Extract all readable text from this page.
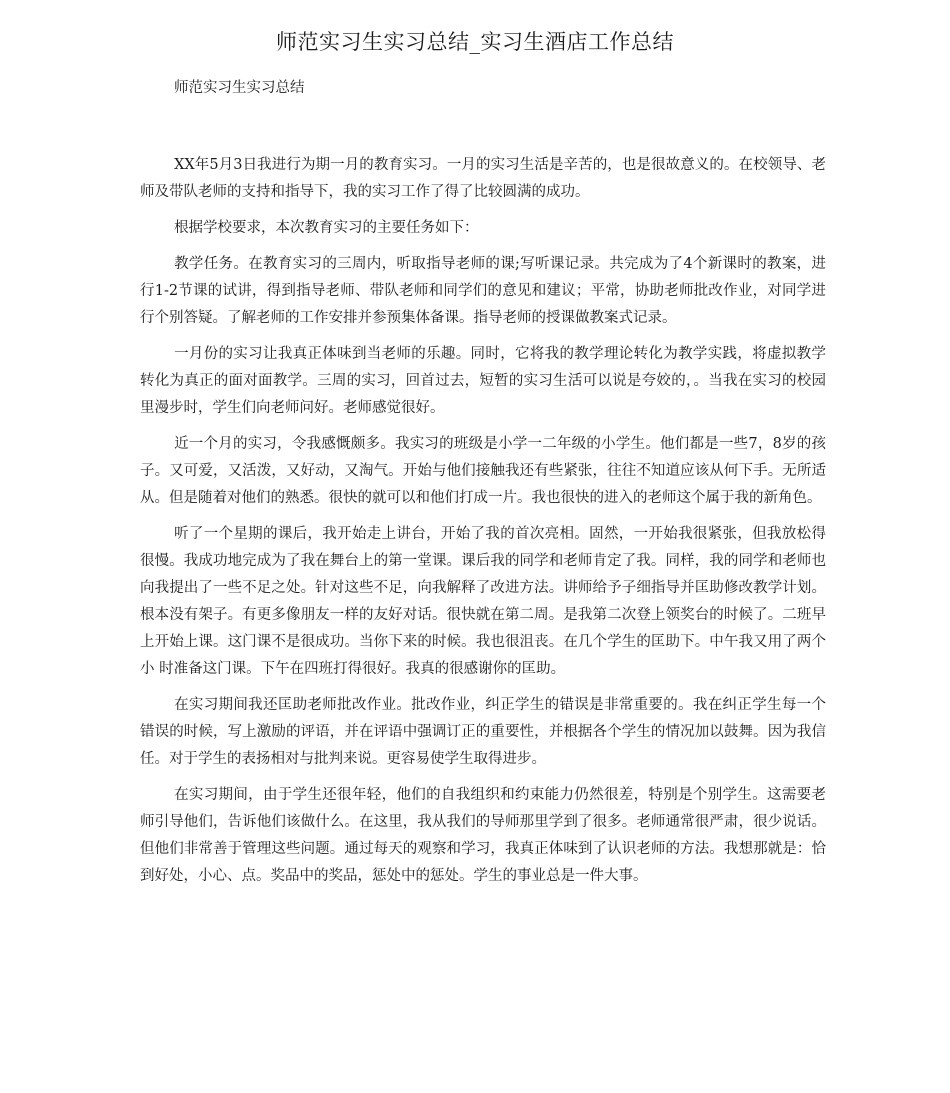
师范实习生实习总结_实习生酒店工作总结

师范实习生实习总结

XX年5月3日我进行为期一月的教育实习。一月的实习生活是辛苦的，也是很故意义的。在校领导、老师及带队老师的支持和指导下，我的实习工作了得了比较圆满的成功。

根据学校要求，本次教育实习的主要任务如下：

教学任务。在教育实习的三周内，听取指导老师的课;写听课记录。共完成为了4个新课时的教案，进行1-2节课的试讲，得到指导老师、带队老师和同学们的意见和建议；平常，协助老师批改作业，对同学进行个别答疑。了解老师的工作安排并参预集体备课。指导老师的授课做教案式记录。

一月份的实习让我真正体味到当老师的乐趣。同时，它将我的教学理论转化为教学实践，将虚拟教学转化为真正的面对面教学。三周的实习，回首过去，短暂的实习生活可以说是夸姣的，。当我在实习的校园里漫步时，学生们向老师问好。老师感觉很好。

近一个月的实习，令我感慨颇多。我实习的班级是小学一二年级的小学生。他们都是一些7，8岁的孩子。又可爱，又活泼，又好动，又淘气。开始与他们接触我还有些紧张，往往不知道应该从何下手。无所适从。但是随着对他们的熟悉。很快的就可以和他们打成一片。我也很快的进入的老师这个属于我的新角色。

听了一个星期的课后，我开始走上讲台，开始了我的首次亮相。固然，一开始我很紧张，但我放松得很慢。我成功地完成为了我在舞台上的第一堂课。课后我的同学和老师肯定了我。同样，我的同学和老师也向我提出了一些不足之处。针对这些不足，向我解释了改进方法。讲师给予子细指导并匡助修改教学计划。根本没有架子。有更多像朋友一样的友好对话。很快就在第二周。是我第二次登上领奖台的时候了。二班早上开始上课。这门课不是很成功。当你下来的时候。我也很沮丧。在几个学生的匡助下。中午我又用了两个小 时准备这门课。下午在四班打得很好。我真的很感谢你的匡助。

在实习期间我还匡助老师批改作业。批改作业，纠正学生的错误是非常重要的。我在纠正学生每一个错误的时候，写上激励的评语，并在评语中强调订正的重要性，并根据各个学生的情况加以鼓舞。因为我信任。对于学生的表扬相对与批判来说。更容易使学生取得进步。

在实习期间，由于学生还很年轻，他们的自我组织和约束能力仍然很差，特别是个别学生。这需要老师引导他们，告诉他们该做什么。在这里，我从我们的导师那里学到了很多。老师通常很严肃，很少说话。但他们非常善于管理这些问题。通过每天的观察和学习，我真正体味到了认识老师的方法。我想那就是：恰到好处，小心、点。奖品中的奖品，惩处中的惩处。学生的事业总是一件大事。
